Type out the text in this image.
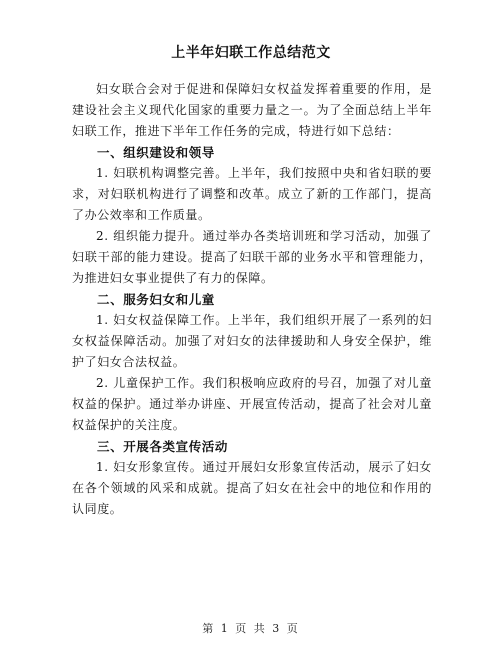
上半年妇联工作总结范文

妇女联合会对于促进和保障妇女权益发挥着重要的作用，是建设社会主义现代化国家的重要力量之一。为了全面总结上半年妇联工作，推进下半年工作任务的完成，特进行如下总结：

一、组织建设和领导

1. 妇联机构调整完善。上半年，我们按照中央和省妇联的要求，对妇联机构进行了调整和改革。成立了新的工作部门，提高了办公效率和工作质量。

2. 组织能力提升。通过举办各类培训班和学习活动，加强了妇联干部的能力建设。提高了妇联干部的业务水平和管理能力，为推进妇女事业提供了有力的保障。

二、服务妇女和儿童

1. 妇女权益保障工作。上半年，我们组织开展了一系列的妇女权益保障活动。加强了对妇女的法律援助和人身安全保护，维护了妇女合法权益。

2. 儿童保护工作。我们积极响应政府的号召，加强了对儿童权益的保护。通过举办讲座、开展宣传活动，提高了社会对儿童权益保护的关注度。

三、开展各类宣传活动

1. 妇女形象宣传。通过开展妇女形象宣传活动，展示了妇女在各个领域的风采和成就。提高了妇女在社会中的地位和作用的认同度。

第 1 页 共 3 页
